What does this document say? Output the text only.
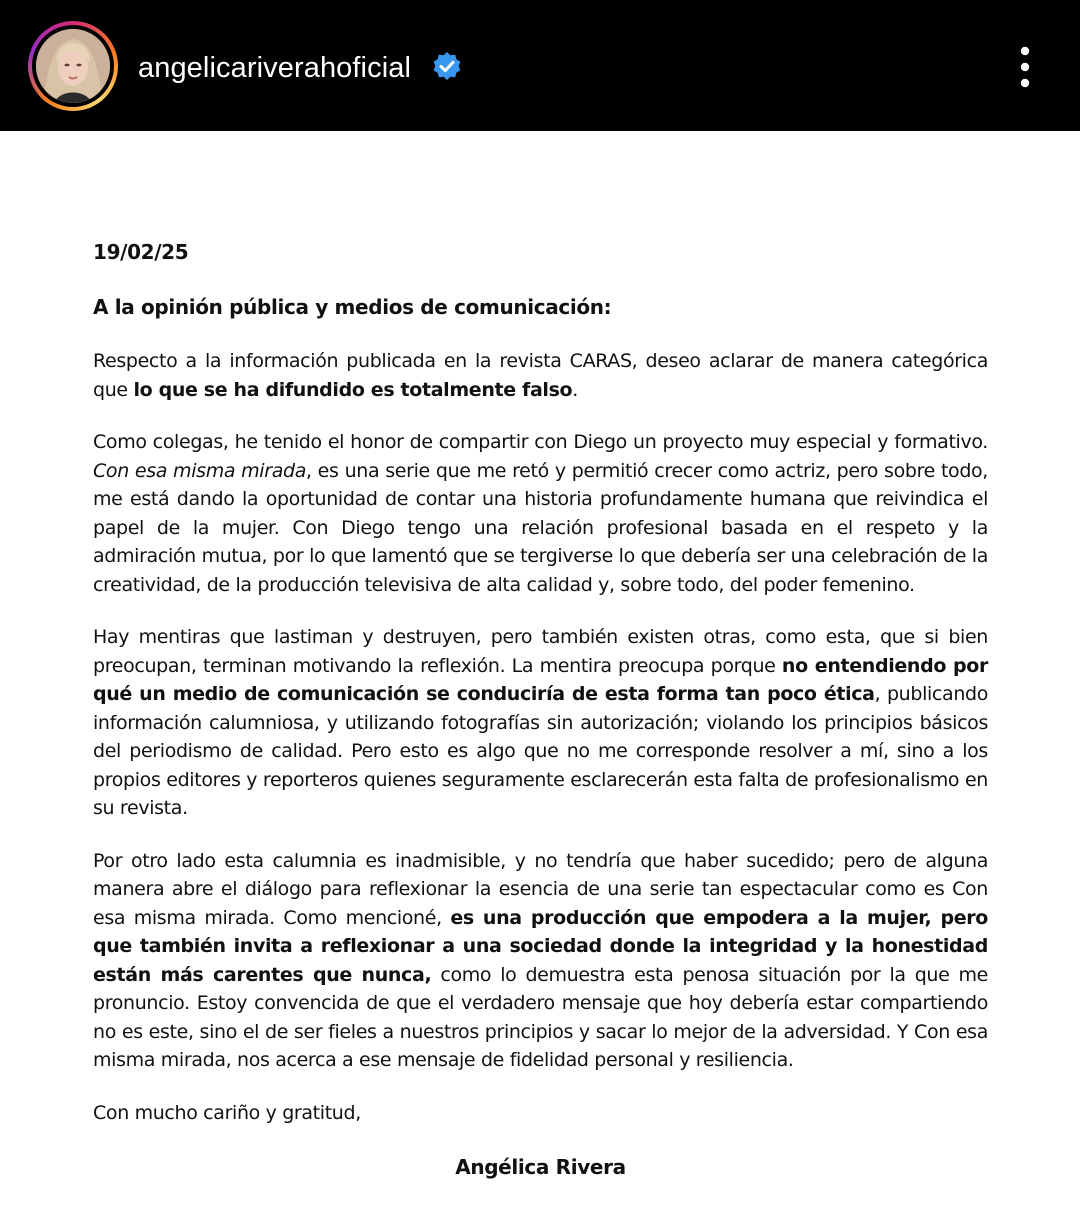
angelicariverahoficial

19/02/25

A la opinión pública y medios de comunicación:

Respecto a la información publicada en la revista CARAS, deseo aclarar de manera categórica que lo que se ha difundido es totalmente falso.

Como colegas, he tenido el honor de compartir con Diego un proyecto muy especial y formativo. Con esa misma mirada, es una serie que me retó y permitió crecer como actriz, pero sobre todo, me está dando la oportunidad de contar una historia profundamente humana que reivindica el papel de la mujer. Con Diego tengo una relación profesional basada en el respeto y la admiración mutua, por lo que lamentó que se tergiverse lo que debería ser una celebración de la creatividad, de la producción televisiva de alta calidad y, sobre todo, del poder femenino.

Hay mentiras que lastiman y destruyen, pero también existen otras, como esta, que si bien preocupan, terminan motivando la reflexión. La mentira preocupa porque no entendiendo por qué un medio de comunicación se conduciría de esta forma tan poco ética, publicando información calumniosa, y utilizando fotografías sin autorización; violando los principios básicos del periodismo de calidad. Pero esto es algo que no me corresponde resolver a mí, sino a los propios editores y reporteros quienes seguramente esclarecerán esta falta de profesionalismo en su revista.

Por otro lado esta calumnia es inadmisible, y no tendría que haber sucedido; pero de alguna manera abre el diálogo para reflexionar la esencia de una serie tan espectacular como es Con esa misma mirada. Como mencioné, es una producción que empodera a la mujer, pero que también invita a reflexionar a una sociedad donde la integridad y la honestidad están más carentes que nunca, como lo demuestra esta penosa situación por la que me pronuncio. Estoy convencida de que el verdadero mensaje que hoy debería estar compartiendo no es este, sino el de ser fieles a nuestros principios y sacar lo mejor de la adversidad. Y Con esa misma mirada, nos acerca a ese mensaje de fidelidad personal y resiliencia.

Con mucho cariño y gratitud,

Angélica Rivera
